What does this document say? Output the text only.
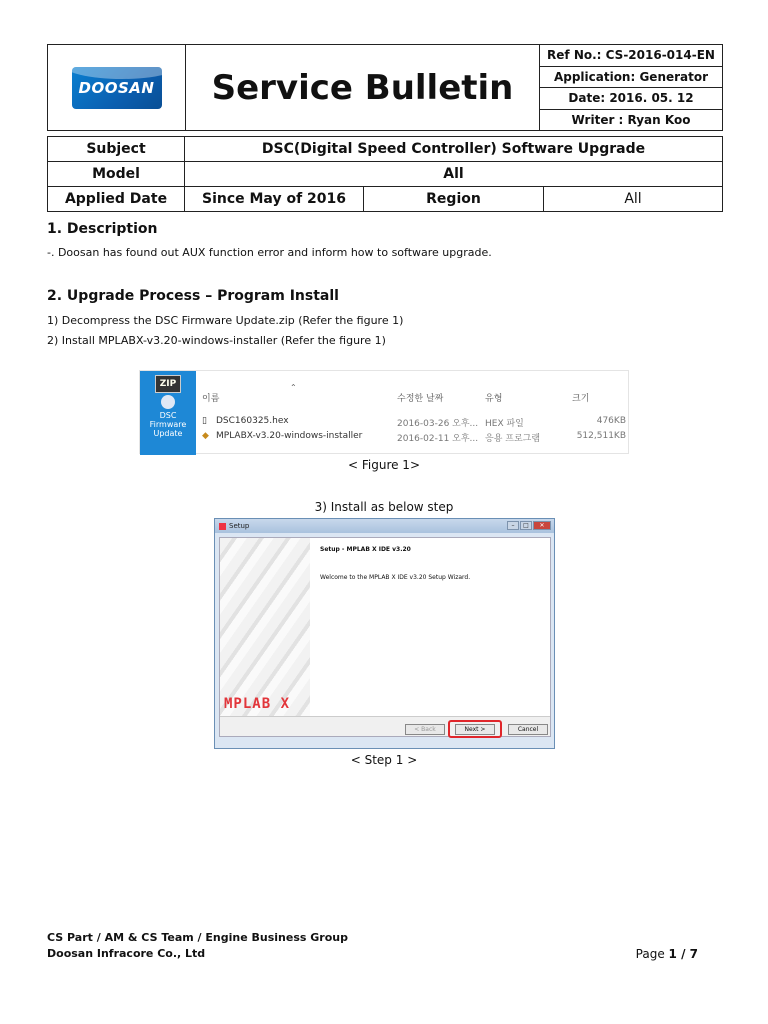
DOOSAN	Service Bulletin
Ref No.: CS-2016-014-EN
Application: Generator
Date: 2016. 05. 12
Writer : Ryan Koo
Subject	DSC(Digital Speed Controller) Software Upgrade		
Model	All		
Applied Date	Since May of 2016	Region	All
1. Description
-. Doosan has found out AUX function error and inform how to software upgrade.
2. Upgrade Process – Program Install
1) Decompress the DSC Firmware Update.zip (Refer the figure 1)
2) Install MPLABX-v3.20-windows-installer (Refer the figure 1)
ZIP
DSC Firmware Update
이름
⌃
수정한 날짜	유형	크기
▯ DSC160325.hex	2016-03-26 오후... HEX 파일	476KB
◆ MPLABX-v3.20-windows-installer	2016-02-11 오후... 응용 프로그램	512,511KB
< Figure 1>
3) Install as below step
Setup	–	□	✕
MPLAB X
Setup - MPLAB X IDE v3.20
Welcome to the MPLAB X IDE v3.20 Setup Wizard.
< Back	Next >	Cancel
< Step 1 >
CS Part / AM & CS Team / Engine Business Group
Doosan Infracore Co., Ltd	Page 1 / 7
